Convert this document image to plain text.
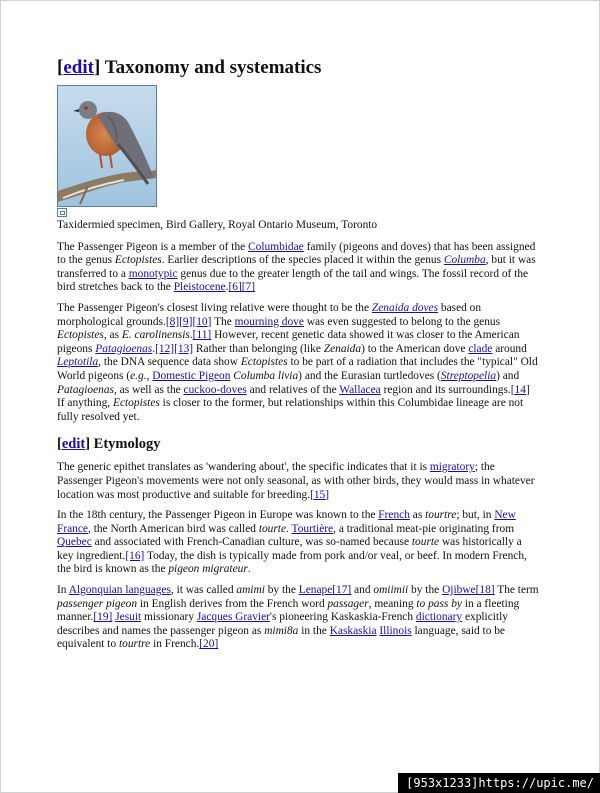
[edit] Taxonomy and systematics
Taxidermied specimen, Bird Gallery, Royal Ontario Museum, Toronto

The Passenger Pigeon is a member of the Columbidae family (pigeons and doves) that has been assigned to the genus Ectopistes. Earlier descriptions of the species placed it within the genus Columba, but it was transferred to a monotypic genus due to the greater length of the tail and wings. The fossil record of the bird stretches back to the Pleistocene.[6][7]

The Passenger Pigeon's closest living relative were thought to be the Zenaida doves based on morphological grounds.[8][9][10] The mourning dove was even suggested to belong to the genus Ectopistes, as E. carolinensis.[11] However, recent genetic data showed it was closer to the American pigeons Patagioenas.[12][13] Rather than belonging (like Zenaida) to the American dove clade around Leptotila, the DNA sequence data show Ectopistes to be part of a radiation that includes the "typical" Old World pigeons (e.g., Domestic Pigeon Columba livia) and the Eurasian turtledoves (Streptopelia) and Patagioenas, as well as the cuckoo-doves and relatives of the Wallacea region and its surroundings.[14] If anything, Ectopistes is closer to the former, but relationships within this Columbidae lineage are not fully resolved yet.

[edit] Etymology

The generic epithet translates as 'wandering about', the specific indicates that it is migratory; the Passenger Pigeon's movements were not only seasonal, as with other birds, they would mass in whatever location was most productive and suitable for breeding.[15]

In the 18th century, the Passenger Pigeon in Europe was known to the French as tourtre; but, in New France, the North American bird was called tourte. Tourtière, a traditional meat-pie originating from Quebec and associated with French-Canadian culture, was so-named because tourte was historically a key ingredient.[16] Today, the dish is typically made from pork and/or veal, or beef. In modern French, the bird is known as the pigeon migrateur.

In Algonquian languages, it was called amimi by the Lenape[17] and omiimii by the Ojibwe[18] The term passenger pigeon in English derives from the French word passager, meaning to pass by in a fleeting manner.[19] Jesuit missionary Jacques Gravier's pioneering Kaskaskia-French dictionary explicitly describes and names the passenger pigeon as mimi8a in the Kaskaskia Illinois language, said to be equivalent to tourtre in French.[20]

[953x1233]https://upic.me/
